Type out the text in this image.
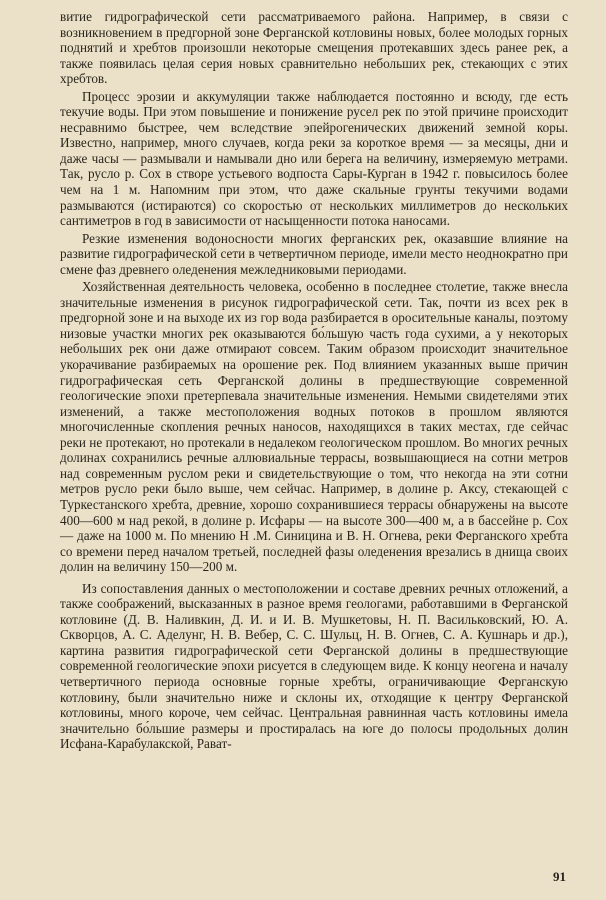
витие гидрографической сети рассматриваемого района. Например, в связи с возникновением в предгорной зоне Ферганской котловины новых, более молодых горных поднятий и хребтов произошли некоторые смещения протекавших здесь ранее рек, а также появилась целая серия новых сравнительно небольших рек, стекающих с этих хребтов.

Процесс эрозии и аккумуляции также наблюдается постоянно и всюду, где есть текучие воды. При этом повышение и понижение русел рек по этой причине происходит несравнимо быстрее, чем вследствие эпейрогенических движений земной коры. Известно, например, много случаев, когда реки за короткое время — за месяцы, дни и даже часы — размывали и намывали дно или берега на величину, измеряемую метрами. Так, русло р. Сох в створе устьевого водпоста Сары-Курган в 1942 г. повысилось более чем на 1 м. Напомним при этом, что даже скальные грунты текучими водами размываются (истираются) со скоростью от нескольких миллиметров до нескольких сантиметров в год в зависимости от насыщенности потока наносами.

Резкие изменения водоносности многих ферганских рек, оказавшие влияние на развитие гидрографической сети в четвертичном периоде, имели место неоднократно при смене фаз древнего оледенения межледниковыми периодами.

Хозяйственная деятельность человека, особенно в последнее столетие, также внесла значительные изменения в рисунок гидрографической сети. Так, почти из всех рек в предгорной зоне и на выходе их из гор вода разбирается в оросительные каналы, поэтому низовые участки многих рек оказываются бо́льшую часть года сухими, а у некоторых небольших рек они даже отмирают совсем. Таким образом происходит значительное укорачивание разбираемых на орошение рек. Под влиянием указанных выше причин гидрографическая сеть Ферганской долины в предшествующие современной геологические эпохи претерпевала значительные изменения. Немыми свидетелями этих изменений, а также местоположения водных потоков в прошлом являются многочисленные скопления речных наносов, находящихся в таких местах, где сейчас реки не протекают, но протекали в недалеком геологическом прошлом. Во многих речных долинах сохранились речные аллювиальные террасы, возвышающиеся на сотни метров над современным руслом реки и свидетельствующие о том, что некогда на эти сотни метров русло реки было выше, чем сейчас. Например, в долине р. Аксу, стекающей с Туркестанского хребта, древние, хорошо сохранившиеся террасы обнаружены на высоте 400—600 м над рекой, в долине р. Исфары — на высоте 300—400 м, а в бассейне р. Сох — даже на 1000 м. По мнению Н .М. Синицина и В. Н. Огнева, реки Ферганского хребта со времени перед началом третьей, последней фазы оледенения врезались в днища своих долин на величину 150—200 м.

Из сопоставления данных о местоположении и составе древних речных отложений, а также соображений, высказанных в разное время геологами, работавшими в Ферганской котловине (Д. В. Наливкин, Д. И. и И. В. Мушкетовы, Н. П. Васильковский, Ю. А. Скворцов, А. С. Аделунг, Н. В. Вебер, С. С. Шульц, Н. В. Огнев, С. А. Кушнарь и др.), картина развития гидрографической сети Ферганской долины в предшествующие современной геологические эпохи рисуется в следующем виде. К концу неогена и началу четвертичного периода основные горные хребты, ограничивающие Ферганскую котловину, были значительно ниже и склоны их, отходящие к центру Ферганской котловины, много короче, чем сейчас. Центральная равнинная часть котловины имела значительно бо́льшие размеры и простиралась на юге до полосы продольных долин Исфана-Карабулакской, Рават-

91
